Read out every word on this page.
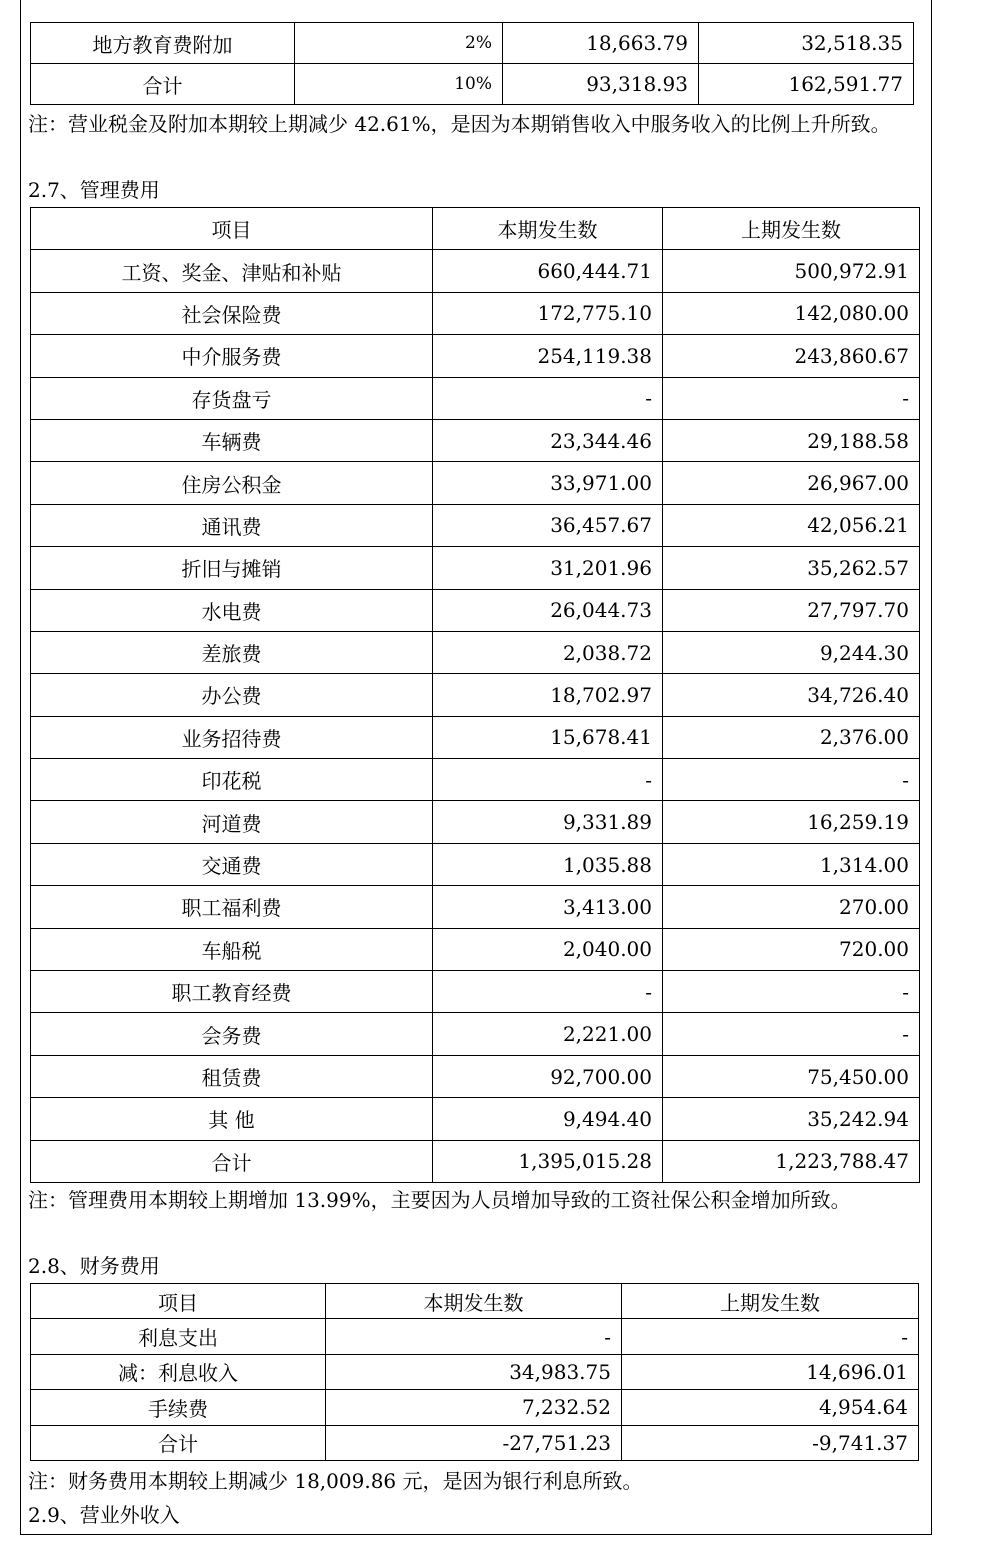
地方教育费附加	2%	18,663.79	32,518.35
合计	10%	93,318.93	162,591.77
注：营业税金及附加本期较上期减少 42.61%，是因为本期销售收入中服务收入的比例上升所致。
2.7、管理费用
项目	本期发生数	上期发生数
工资、奖金、津贴和补贴	660,444.71	500,972.91
社会保险费	172,775.10	142,080.00
中介服务费	254,119.38	243,860.67
存货盘亏	-	-
车辆费	23,344.46	29,188.58
住房公积金	33,971.00	26,967.00
通讯费	36,457.67	42,056.21
折旧与摊销	31,201.96	35,262.57
水电费	26,044.73	27,797.70
差旅费	2,038.72	9,244.30
办公费	18,702.97	34,726.40
业务招待费	15,678.41	2,376.00
印花税	-	-
河道费	9,331.89	16,259.19
交通费	1,035.88	1,314.00
职工福利费	3,413.00	270.00
车船税	2,040.00	720.00
职工教育经费	-	-
会务费	2,221.00	-
租赁费	92,700.00	75,450.00
其 他	9,494.40	35,242.94
合计	1,395,015.28	1,223,788.47
注：管理费用本期较上期增加 13.99%，主要因为人员增加导致的工资社保公积金增加所致。
2.8、财务费用
项目	本期发生数	上期发生数
利息支出	-	-
减：利息收入	34,983.75	14,696.01
手续费	7,232.52	4,954.64
合计	-27,751.23	-9,741.37
注：财务费用本期较上期减少 18,009.86 元，是因为银行利息所致。
2.9、营业外收入
